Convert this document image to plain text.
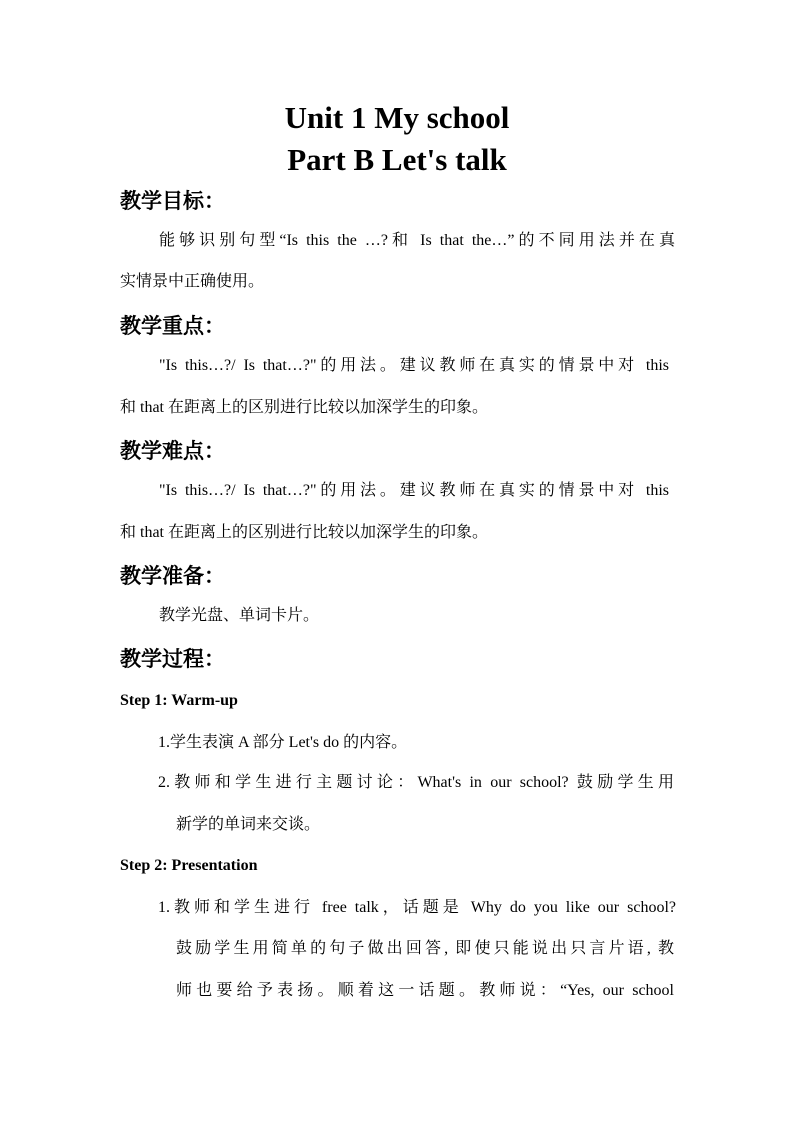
Unit 1 My school
Part B Let's talk
教学目标：
能够识别句型“Is this the …?和 Is that the…”的不同用法并在真
实情景中正确使用。
教学重点：
"Is this…?/ Is that…?"的用法。建议教师在真实的情景中对 this
和 that 在距离上的区别进行比较以加深学生的印象。
教学难点：
"Is this…?/ Is that…?"的用法。建议教师在真实的情景中对 this
和 that 在距离上的区别进行比较以加深学生的印象。
教学准备：
教学光盘、单词卡片。
教学过程：
Step 1: Warm-up
1.学生表演 A 部分 Let's do 的内容。
2.教师和学生进行主题讨论：What's in our school? 鼓励学生用
新学的单词来交谈。
Step 2: Presentation
1.教师和学生进行 free talk，话题是 Why do you like our school?
鼓励学生用简单的句子做出回答, 即使只能说出只言片语, 教
师也要给予表扬。顺着这一话题。教师说：“Yes, our school
